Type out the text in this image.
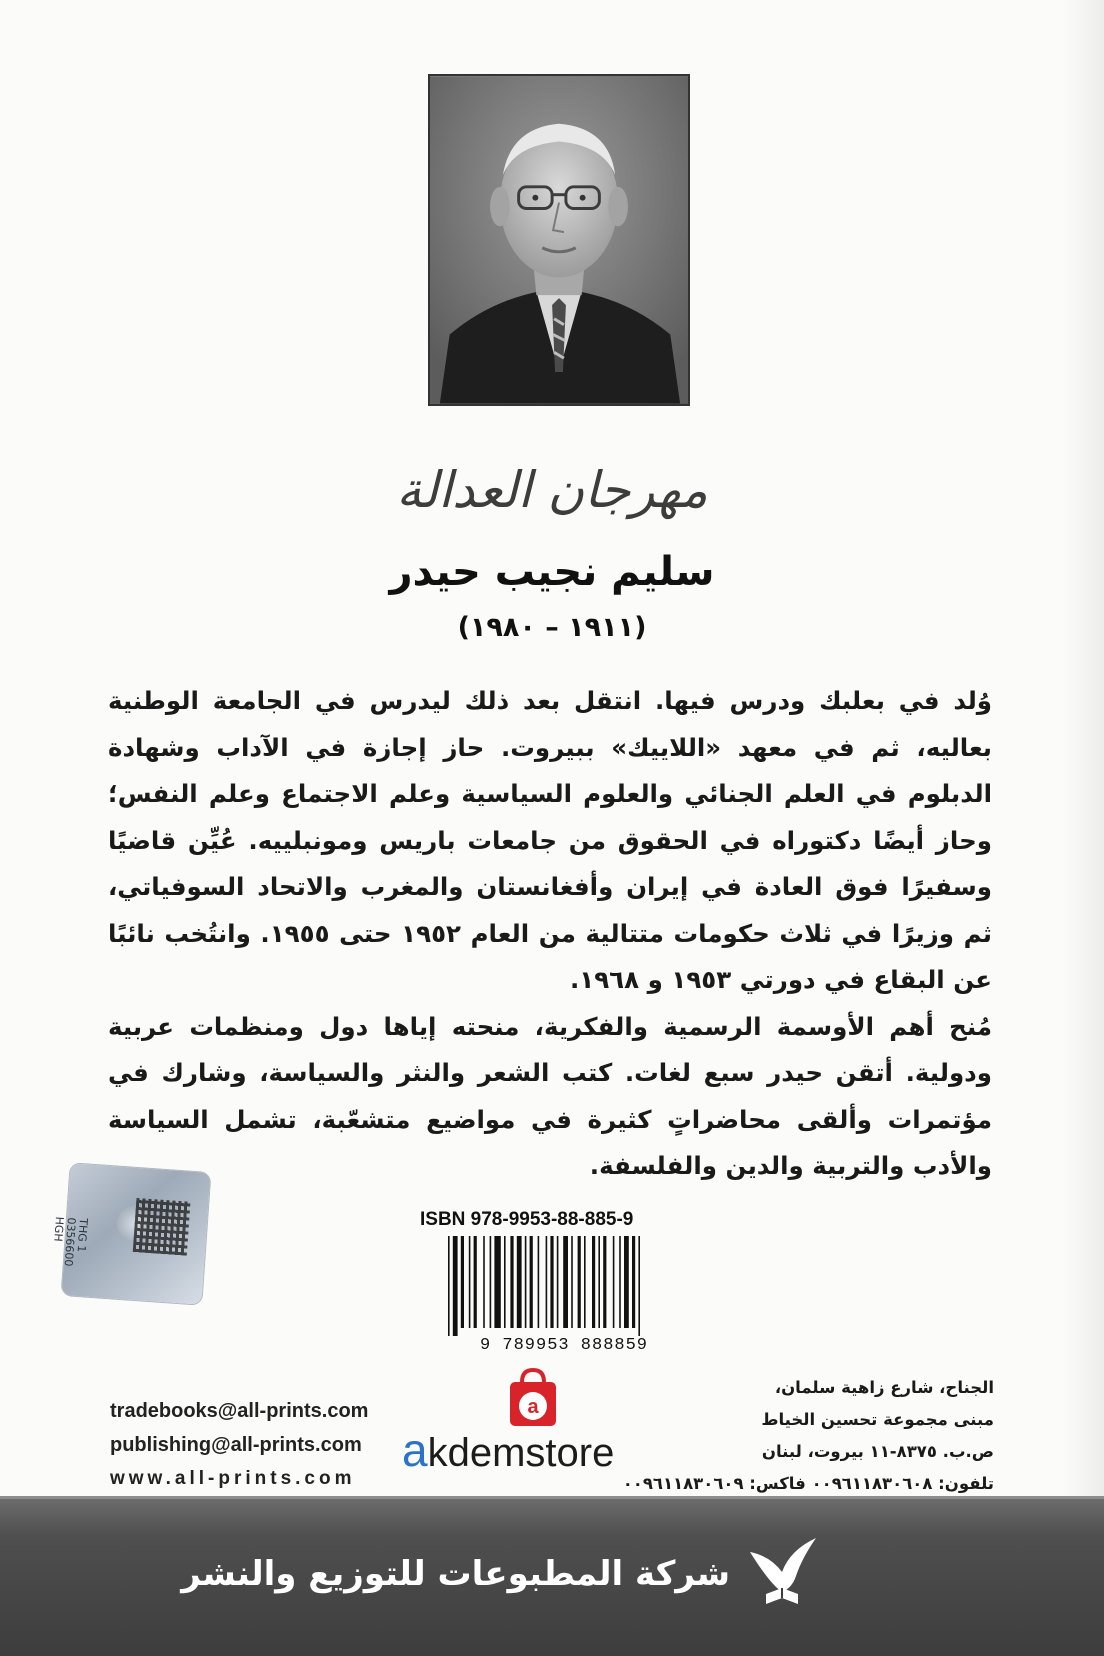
مهرجان العدالة
سليم نجيب حيدر
(١٩١١ – ١٩٨٠)

وُلد في بعلبك ودرس فيها. انتقل بعد ذلك ليدرس في الجامعة الوطنية بعاليه، ثم في معهد «اللاييك» ببيروت. حاز إجازة في الآداب وشهادة الدبلوم في العلم الجنائي والعلوم السياسية وعلم الاجتماع وعلم النفس؛ وحاز أيضًا دكتوراه في الحقوق من جامعات باريس ومونبلييه. عُيِّن قاضيًا وسفيرًا فوق العادة في إيران وأفغانستان والمغرب والاتحاد السوفياتي، ثم وزيرًا في ثلاث حكومات متتالية من العام ١٩٥٢ حتى ١٩٥٥. وانتُخب نائبًا عن البقاع في دورتي ١٩٥٣ و ١٩٦٨.

مُنح أهم الأوسمة الرسمية والفكرية، منحته إياها دول ومنظمات عربية ودولية. أتقن حيدر سبع لغات. كتب الشعر والنثر والسياسة، وشارك في مؤتمرات وألقى محاضراتٍ كثيرة في مواضيع متشعّبة، تشمل السياسة والأدب والتربية والدين والفلسفة.

THG 1
0356600
HGH	ISBN 978-9953-88-885-9
9 789953 888859
tradebooks@all-prints.com
publishing@all-prints.com
www.all-prints.com
a
akdemstore
الجناح، شارع زاهية سلمان،
مبنى مجموعة تحسين الخياط
ص.ب. ٨٣٧٥-١١ بيروت، لبنان
تلفون: ٠٠٩٦١١٨٣٠٦٠٨ فاكس: ٠٠٩٦١١٨٣٠٦٠٩
شركة المطبوعات للتوزيع والنشر
